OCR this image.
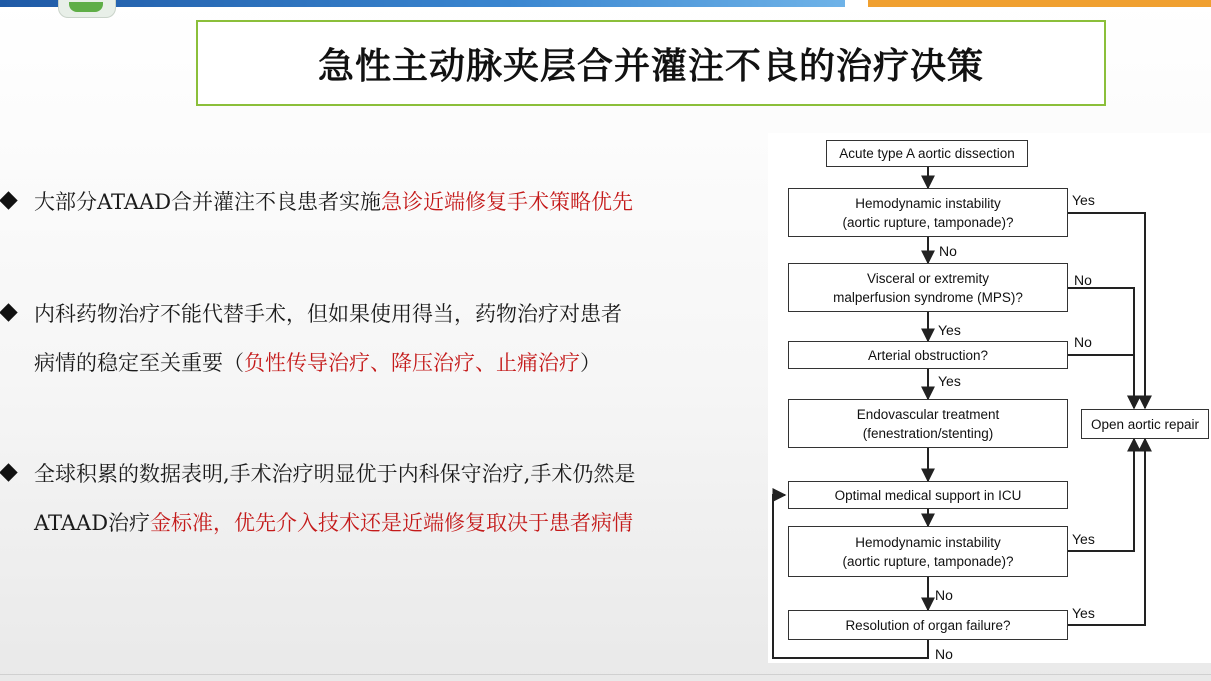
急性主动脉夹层合并灌注不良的治疗决策
大部分ATAAD合并灌注不良患者实施急诊近端修复手术策略优先
内科药物治疗不能代替手术，但如果使用得当，药物治疗对患者
病情的稳定至关重要（负性传导治疗、降压治疗、止痛治疗）
全球积累的数据表明,手术治疗明显优于内科保守治疗,手术仍然是
ATAAD治疗金标准，优先介入技术还是近端修复取决于患者病情
Acute type A aortic dissection
Hemodynamic instability
(aortic rupture, tamponade)?
Visceral or extremity
malperfusion syndrome (MPS)?
Arterial obstruction?
Endovascular treatment
(fenestration/stenting)
Optimal medical support in ICU
Hemodynamic instability
(aortic rupture, tamponade)?
Resolution of organ failure?
Open aortic repair
Yes
No
No
Yes
No
Yes
Yes
No
Yes
No
